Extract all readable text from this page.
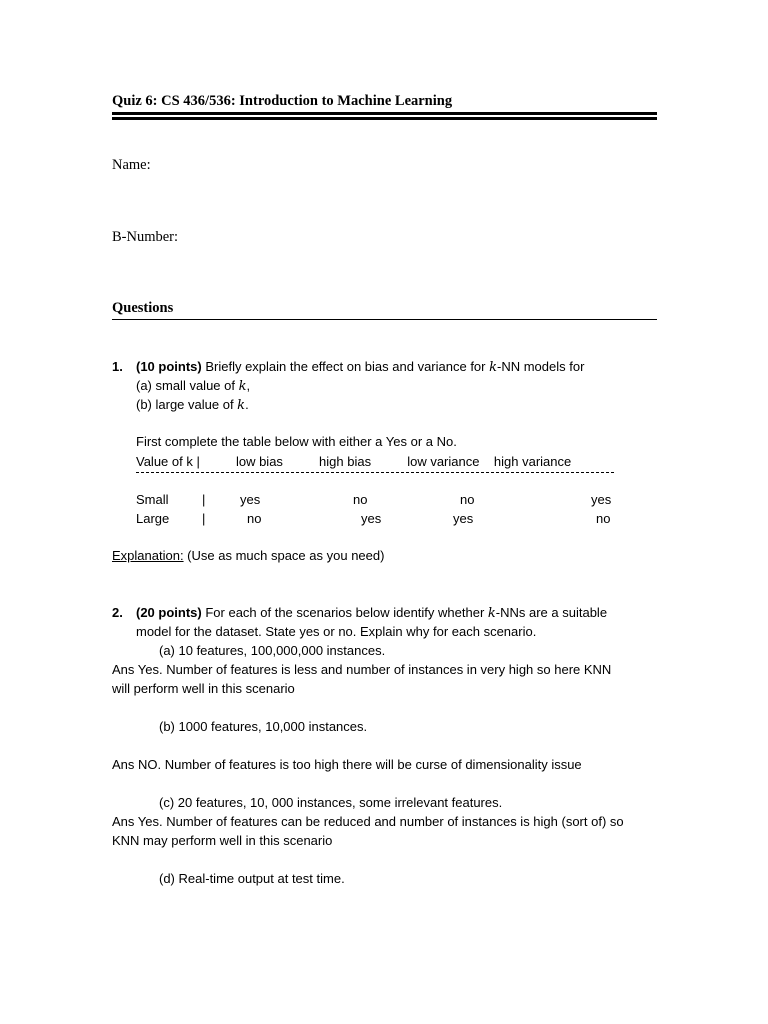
Quiz 6: CS 436/536: Introduction to Machine Learning
Name:
B-Number:
Questions
1. (10 points) Briefly explain the effect on bias and variance for k-NN models for
(a) small value of k,
(b) large value of k.
First complete the table below with either a Yes or a No.
Value of k |          low bias          high bias          low variance    high variance
Small	|	yes	no	no	yes
Large	|	no	yes	yes	no
Explanation: (Use as much space as you need)
2. (20 points) For each of the scenarios below identify whether k-NNs are a suitable
model for the dataset. State yes or no. Explain why for each scenario.
(a) 10 features, 100,000,000 instances.
Ans Yes. Number of features is less and number of instances in very high so here KNN
will perform well in this scenario
(b) 1000 features, 10,000 instances.
Ans NO. Number of features is too high there will be curse of dimensionality issue
(c) 20 features, 10, 000 instances, some irrelevant features.
Ans Yes. Number of features can be reduced and number of instances is high (sort of) so
KNN may perform well in this scenario
(d) Real-time output at test time.
